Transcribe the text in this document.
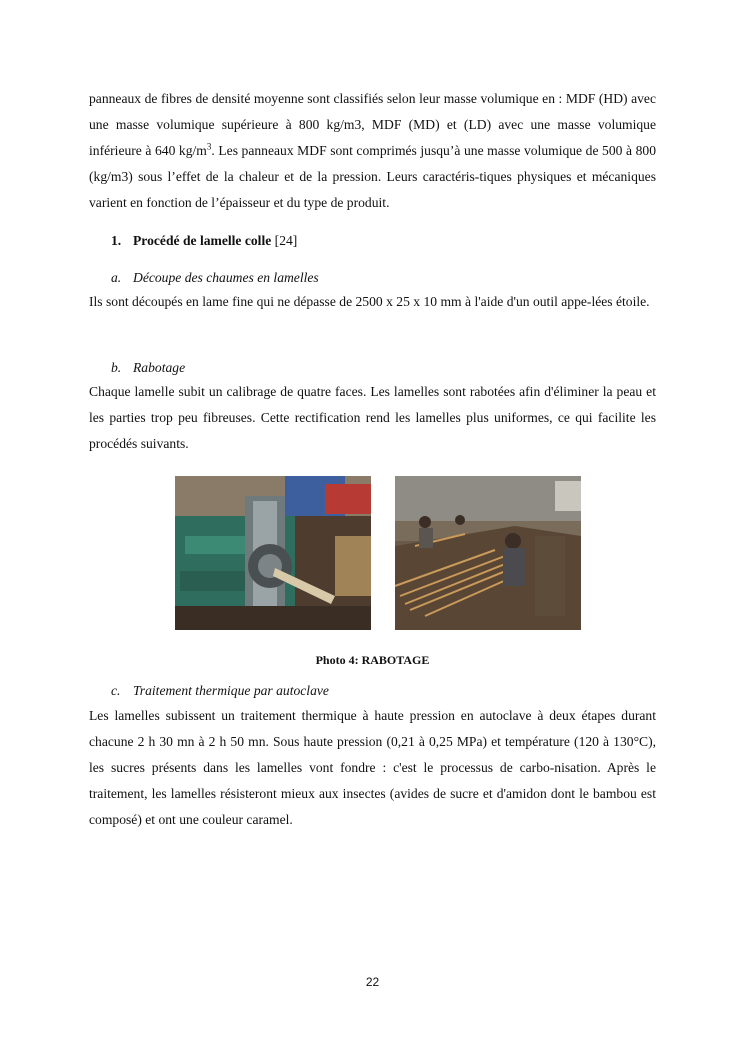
panneaux de fibres de densité moyenne sont classifiés selon leur masse volumique en : MDF (HD) avec une masse volumique supérieure à 800 kg/m3, MDF (MD) et (LD) avec une masse volumique inférieure à 640 $kg/m^3$. Les panneaux MDF sont comprimés jusqu’à une masse volumique de 500 à 800 (kg/m3) sous l’effet de la chaleur et de la pression. Leurs caractéris-tiques physiques et mécaniques varient en fonction de l’épaisseur et du type de produit.

1. Procédé de lamelle colle [24]

a. Découpe des chaumes en lamelles

Ils sont découpés en lame fine qui ne dépasse de 2500 x 25 x 10 mm à l'aide d'un outil appe-lées étoile.

b. Rabotage

Chaque lamelle subit un calibrage de quatre faces. Les lamelles sont rabotées afin d'éliminer la peau et les parties trop peu fibreuses. Cette rectification rend les lamelles plus uniformes, ce qui facilite les procédés suivants.

Photo 4: RABOTAGE

c. Traitement thermique par autoclave

Les lamelles subissent un traitement thermique à haute pression en autoclave à deux étapes durant chacune 2 h 30 mn à 2 h 50 mn. Sous haute pression (0,21 à 0,25 MPa) et température (120 à 130°C), les sucres présents dans les lamelles vont fondre : c'est le processus de carbo-nisation. Après le traitement, les lamelles résisteront mieux aux insectes (avides de sucre et d'amidon dont le bambou est composé) et ont une couleur caramel.

22
